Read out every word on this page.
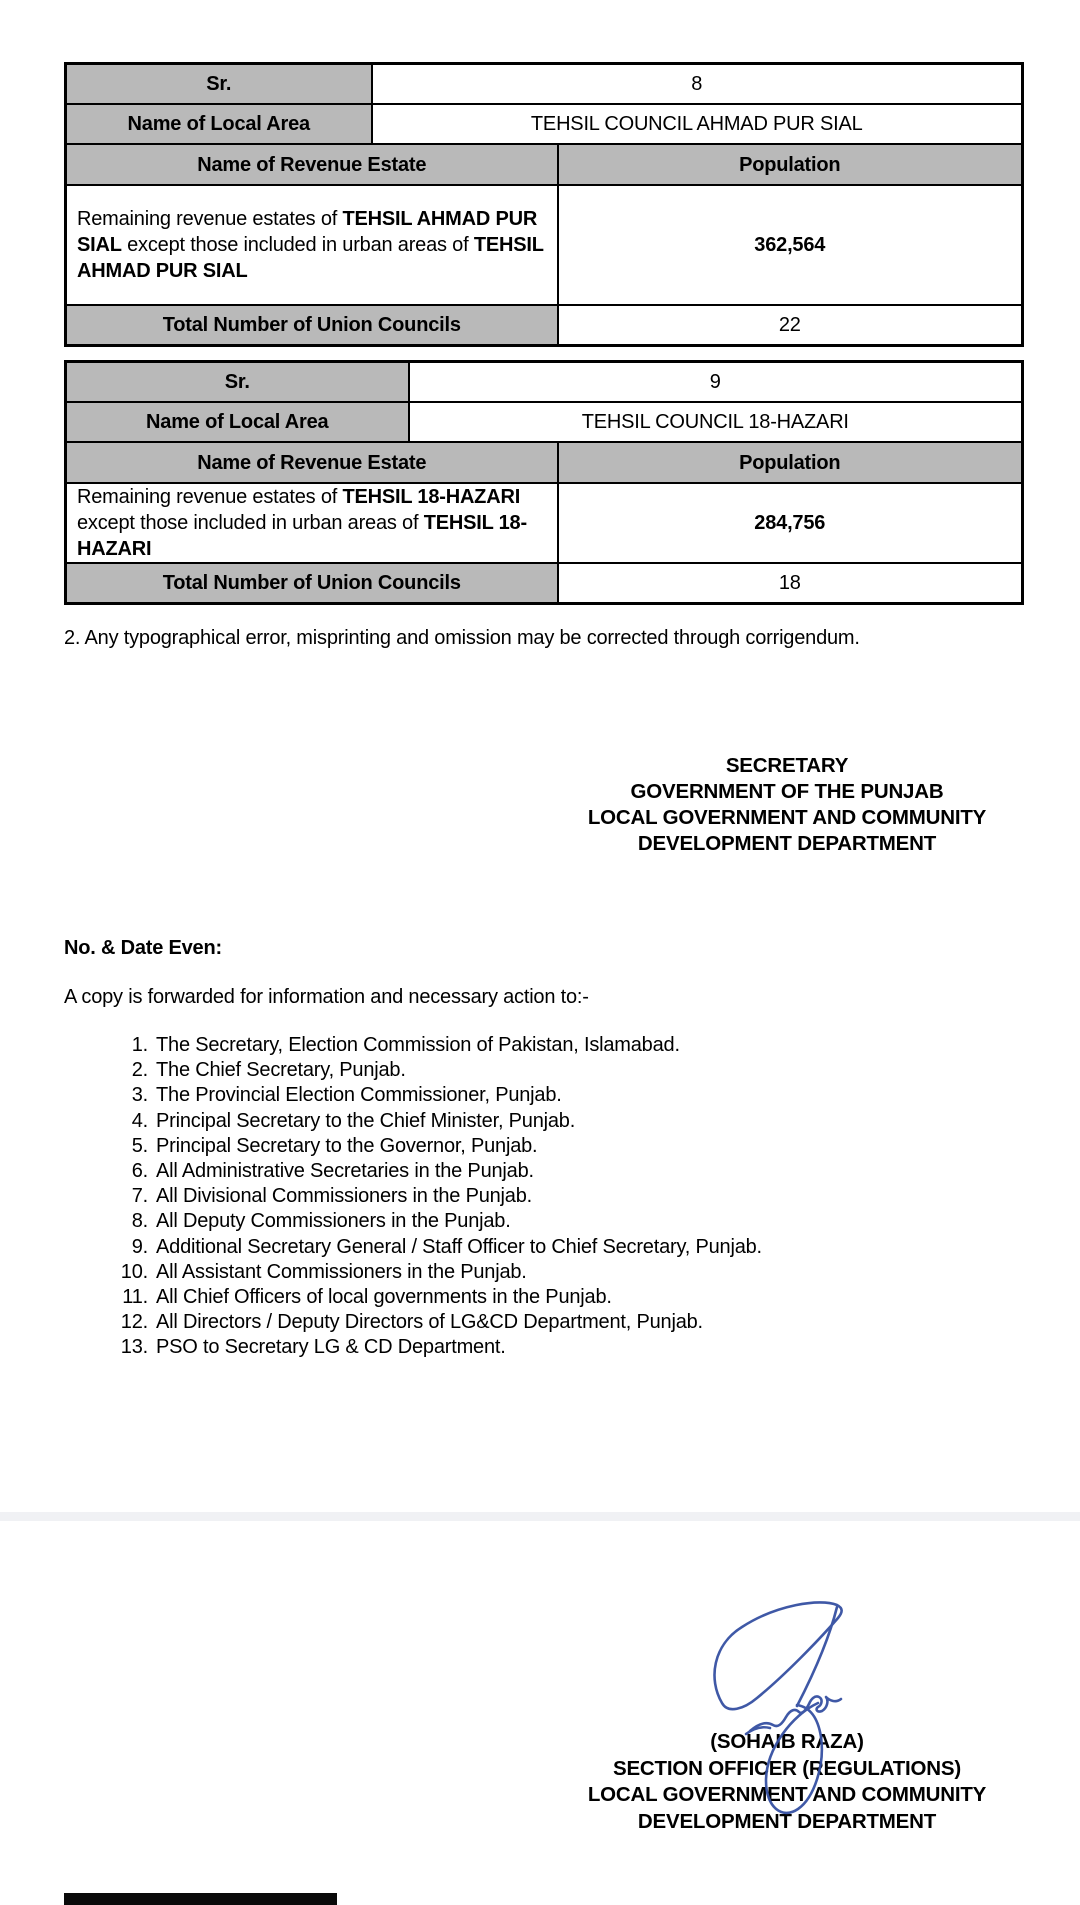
Sr.	8	
Name of Local Area	TEHSIL COUNCIL AHMAD PUR SIAL	
Name of Revenue Estate		Population
Remaining revenue estates of TEHSIL AHMAD PUR SIAL except those included in urban areas of TEHSIL AHMAD PUR SIAL		362,564
Total Number of Union Councils		22
Sr.	9	
Name of Local Area	TEHSIL COUNCIL 18-HAZARI	
Name of Revenue Estate		Population
Remaining revenue estates of TEHSIL 18-HAZARI except those included in urban areas of TEHSIL 18-HAZARI		284,756
Total Number of Union Councils		18
2. Any typographical error, misprinting and omission may be corrected through corrigendum.
SECRETARY
GOVERNMENT OF THE PUNJAB
LOCAL GOVERNMENT AND COMMUNITY
DEVELOPMENT DEPARTMENT
No. & Date Even:
A copy is forwarded for information and necessary action to:-
1. The Secretary, Election Commission of Pakistan, Islamabad.
2. The Chief Secretary, Punjab.
3. The Provincial Election Commissioner, Punjab.
4. Principal Secretary to the Chief Minister, Punjab.
5. Principal Secretary to the Governor, Punjab.
6. All Administrative Secretaries in the Punjab.
7. All Divisional Commissioners in the Punjab.
8. All Deputy Commissioners in the Punjab.
9. Additional Secretary General / Staff Officer to Chief Secretary, Punjab.
10. All Assistant Commissioners in the Punjab.
11. All Chief Officers of local governments in the Punjab.
12. All Directors / Deputy Directors of LG&CD Department, Punjab.
13. PSO to Secretary LG & CD Department.
(SOHAIB RAZA)
SECTION OFFICER (REGULATIONS)
LOCAL GOVERNMENT AND COMMUNITY
DEVELOPMENT DEPARTMENT
